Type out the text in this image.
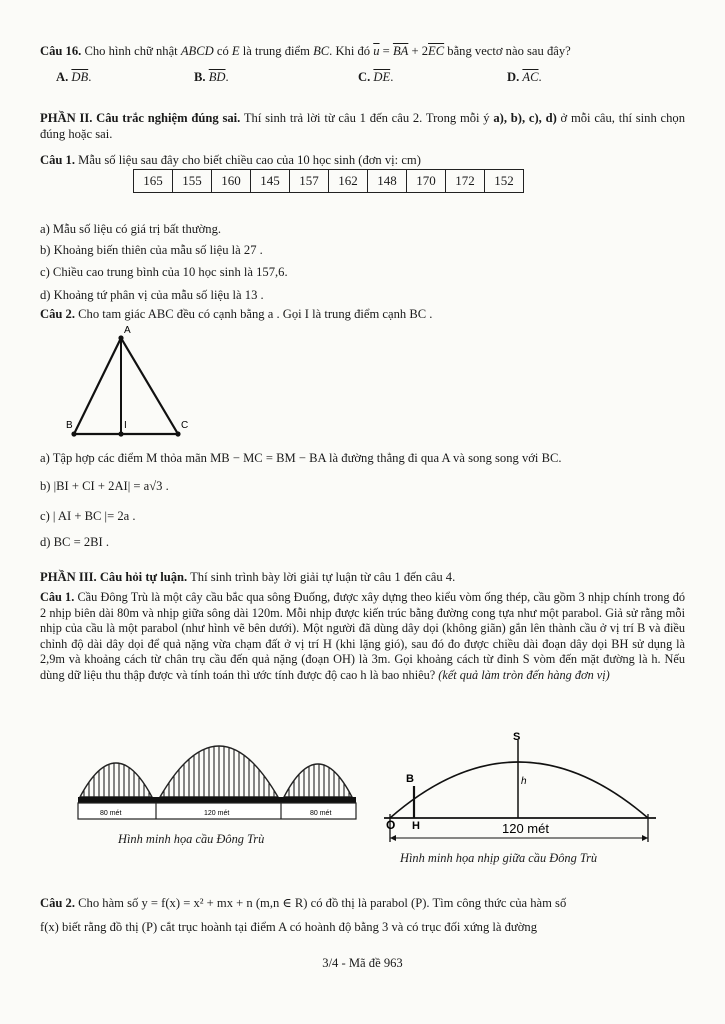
Câu 16. Cho hình chữ nhật ABCD có E là trung điểm BC. Khi đó $\overline{u} = \overline{BA} + 2\overline{EC}$ bằng vectơ nào sau đây?
A. $\overline{DB}$.	B. $\overline{BD}$.	C. $\overline{DE}$.	D. $\overline{AC}$.
PHẦN II. Câu trắc nghiệm đúng sai. Thí sinh trả lời từ câu 1 đến câu 2. Trong mỗi ý a), b), c), d) ở mỗi câu, thí sinh chọn đúng hoặc sai.
Câu 1. Mẫu số liệu sau đây cho biết chiều cao của 10 học sinh (đơn vị: cm)
165	155	160	145	157	162	148	170	172	152
a) Mẫu số liệu có giá trị bất thường.
b) Khoảng biến thiên của mẫu số liệu là 27 .
c) Chiều cao trung bình của 10 học sinh là 157,6.
d) Khoảng tứ phân vị của mẫu số liệu là 13 .
Câu 2. Cho tam giác ABC đều có cạnh bằng a . Gọi I là trung điểm cạnh BC .
A
B	I	C
a) Tập hợp các điểm M thỏa mãn MB − MC = BM − BA là đường thẳng đi qua A và song song với BC.
b) |BI + CI + 2AI| = a√3 .
c) | AI + BC |= 2a .
d) BC = 2BI .
PHẦN III. Câu hỏi tự luận. Thí sinh trình bày lời giải tự luận từ câu 1 đến câu 4.
Câu 1. Cầu Đông Trù là một cây cầu bắc qua sông Đuống, được xây dựng theo kiểu vòm ống thép, cầu gồm 3 nhịp chính trong đó 2 nhịp biên dài 80m và nhịp giữa sông dài 120m. Mỗi nhịp được kiến trúc bằng đường cong tựa như một parabol. Giả sử rằng mỗi nhịp của cầu là một parabol (như hình vẽ bên dưới). Một người đã dùng dây dọi (không giãn) gắn lên thành cầu ở vị trí B và điều chỉnh độ dài dây dọi để quả nặng vừa chạm đất ở vị trí H (khi lặng gió), sau đó đo được chiều dài đoạn dây dọi BH sử dụng là 2,9m và khoảng cách từ chân trụ cầu đến quả nặng (đoạn OH) là 3m. Gọi khoảng cách từ đỉnh S vòm đến mặt đường là h. Nếu dùng dữ liệu thu thập được và tính toán thì ước tính được độ cao h là bao nhiêu? (kết quả làm tròn đến hàng đơn vị)
80 mét	120 mét	80 mét
Hình minh họa cầu Đông Trù
S
h
B
O H	120 mét
Hình minh họa nhịp giữa cầu Đông Trù
Câu 2. Cho hàm số y = f(x) = x² + mx + n (m,n ∈ R) có đồ thị là parabol (P). Tìm công thức của hàm số
f(x) biết rằng đồ thị (P) cắt trục hoành tại điểm A có hoành độ bằng 3 và có trục đối xứng là đường
3/4 - Mã đề 963
